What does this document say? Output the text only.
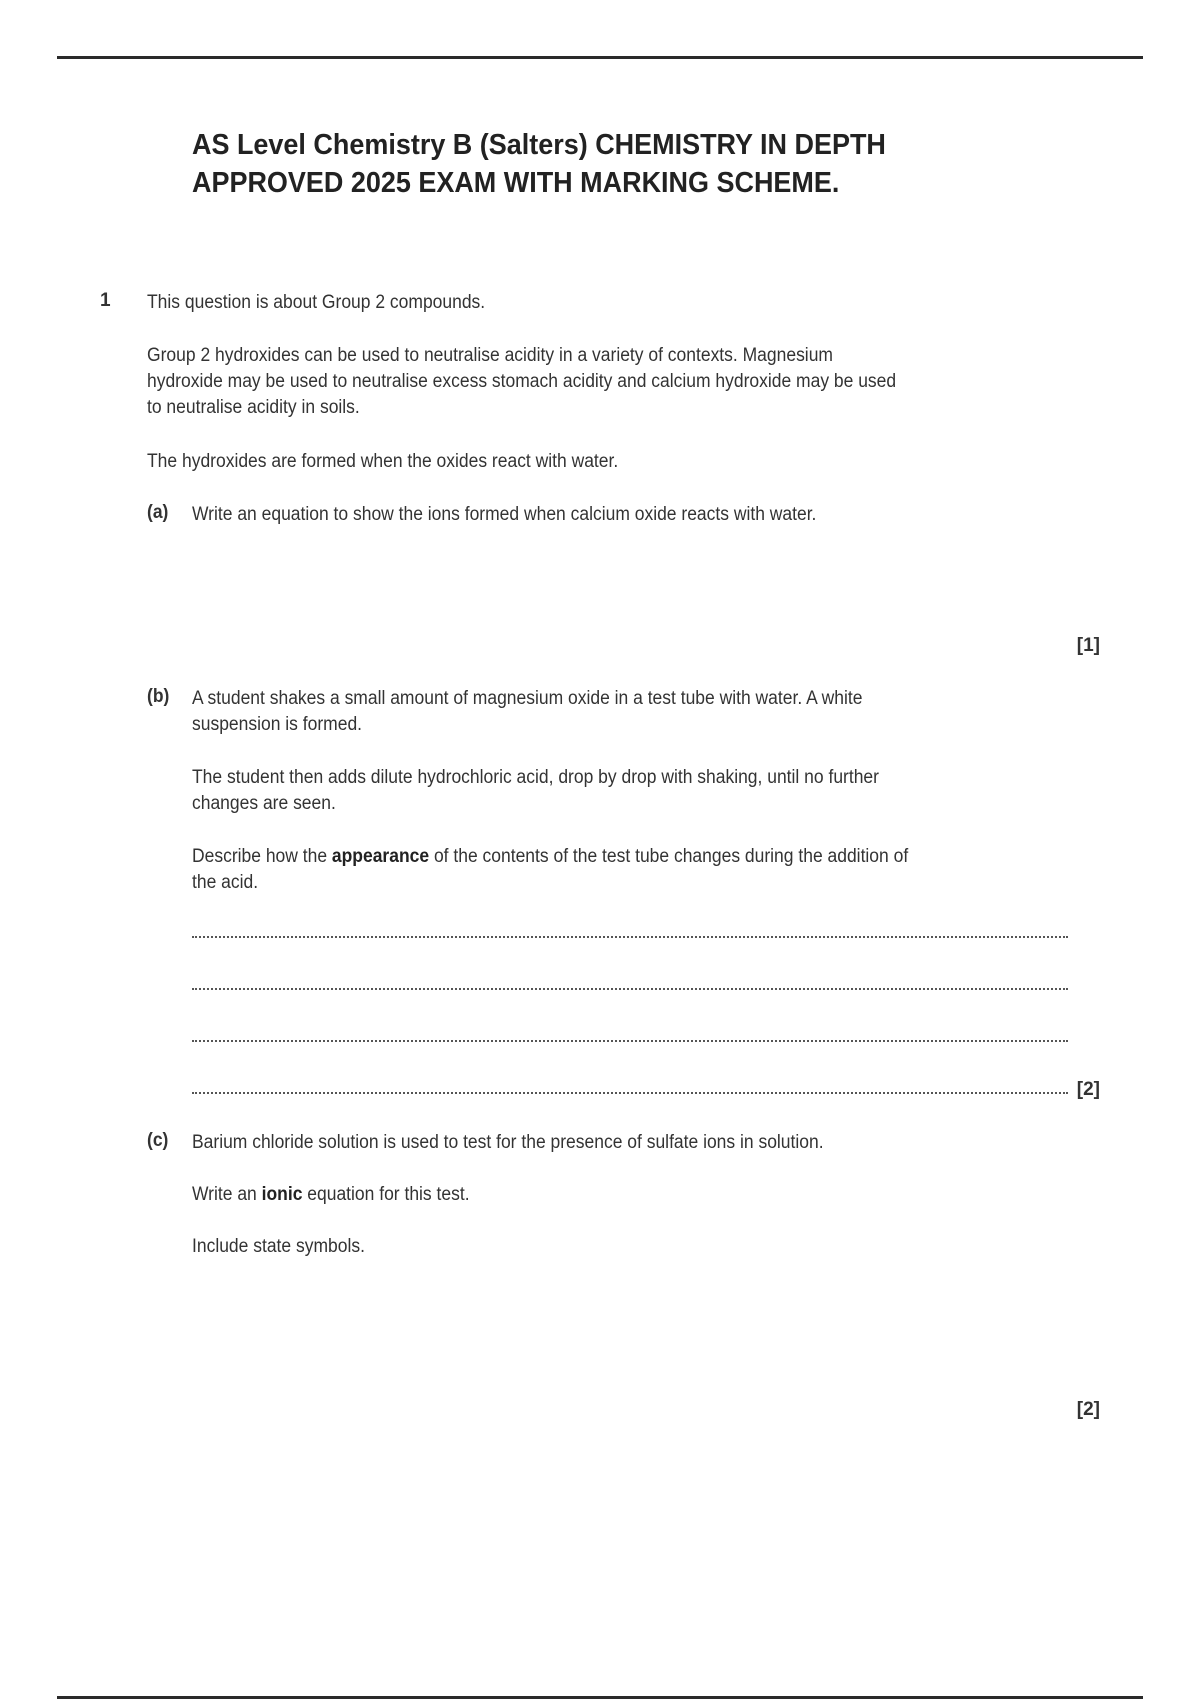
AS Level Chemistry B (Salters) CHEMISTRY IN DEPTH
APPROVED 2025 EXAM WITH MARKING SCHEME.
1 This question is about Group 2 compounds.
Group 2 hydroxides can be used to neutralise acidity in a variety of contexts. Magnesium
hydroxide may be used to neutralise excess stomach acidity and calcium hydroxide may be used
to neutralise acidity in soils.
The hydroxides are formed when the oxides react with water.
(a) Write an equation to show the ions formed when calcium oxide reacts with water.
[1]
(b) A student shakes a small amount of magnesium oxide in a test tube with water. A white
suspension is formed.
The student then adds dilute hydrochloric acid, drop by drop with shaking, until no further
changes are seen.
Describe how the appearance of the contents of the test tube changes during the addition of
the acid.
[2]
(c) Barium chloride solution is used to test for the presence of sulfate ions in solution.
Write an ionic equation for this test.
Include state symbols.
[2]
